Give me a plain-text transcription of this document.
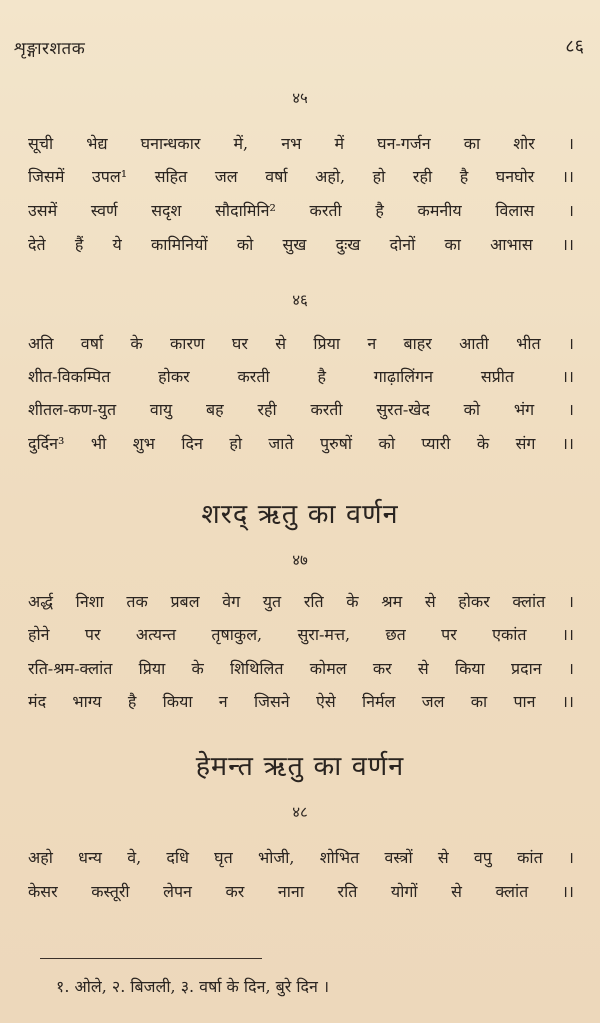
शृङ्गारशतक	८६
४५
सूची भेद्य घनान्धकार में, नभ में घन-गर्जन का शोर ।
जिसमें उपल¹ सहित जल वर्षा अहो, हो रही है घनघोर ।।
उसमें स्वर्ण सदृश सौदामिनि² करती है कमनीय विलास ।
देते हैं ये कामिनियों को सुख दुःख दोनों का आभास ।।
४६
अति वर्षा के कारण घर से प्रिया न बाहर आती भीत ।
शीत-विकम्पित होकर करती है गाढ़ालिंगन सप्रीत ।।
शीतल-कण-युत वायु बह रही करती सुरत-खेद को भंग ।
दुर्दिन³ भी शुभ दिन हो जाते पुरुषों को प्यारी के संग ।।
शरद् ऋतु का वर्णन
४७
अर्द्ध निशा तक प्रबल वेग युत रति के श्रम से होकर क्लांत ।
होने पर अत्यन्त तृषाकुल, सुरा-मत्त, छत पर एकांत ।।
रति-श्रम-क्लांत प्रिया के शिथिलित कोमल कर से किया प्रदान ।
मंद भाग्य है किया न जिसने ऐसे निर्मल जल का पान ।।
हेमन्त ऋतु का वर्णन
४८
अहो धन्य वे, दधि घृत भोजी, शोभित वस्त्रों से वपु कांत ।
केसर कस्तूरी लेपन कर नाना रति योगों से क्लांत ।।
१. ओले, २. बिजली, ३. वर्षा के दिन, बुरे दिन ।
